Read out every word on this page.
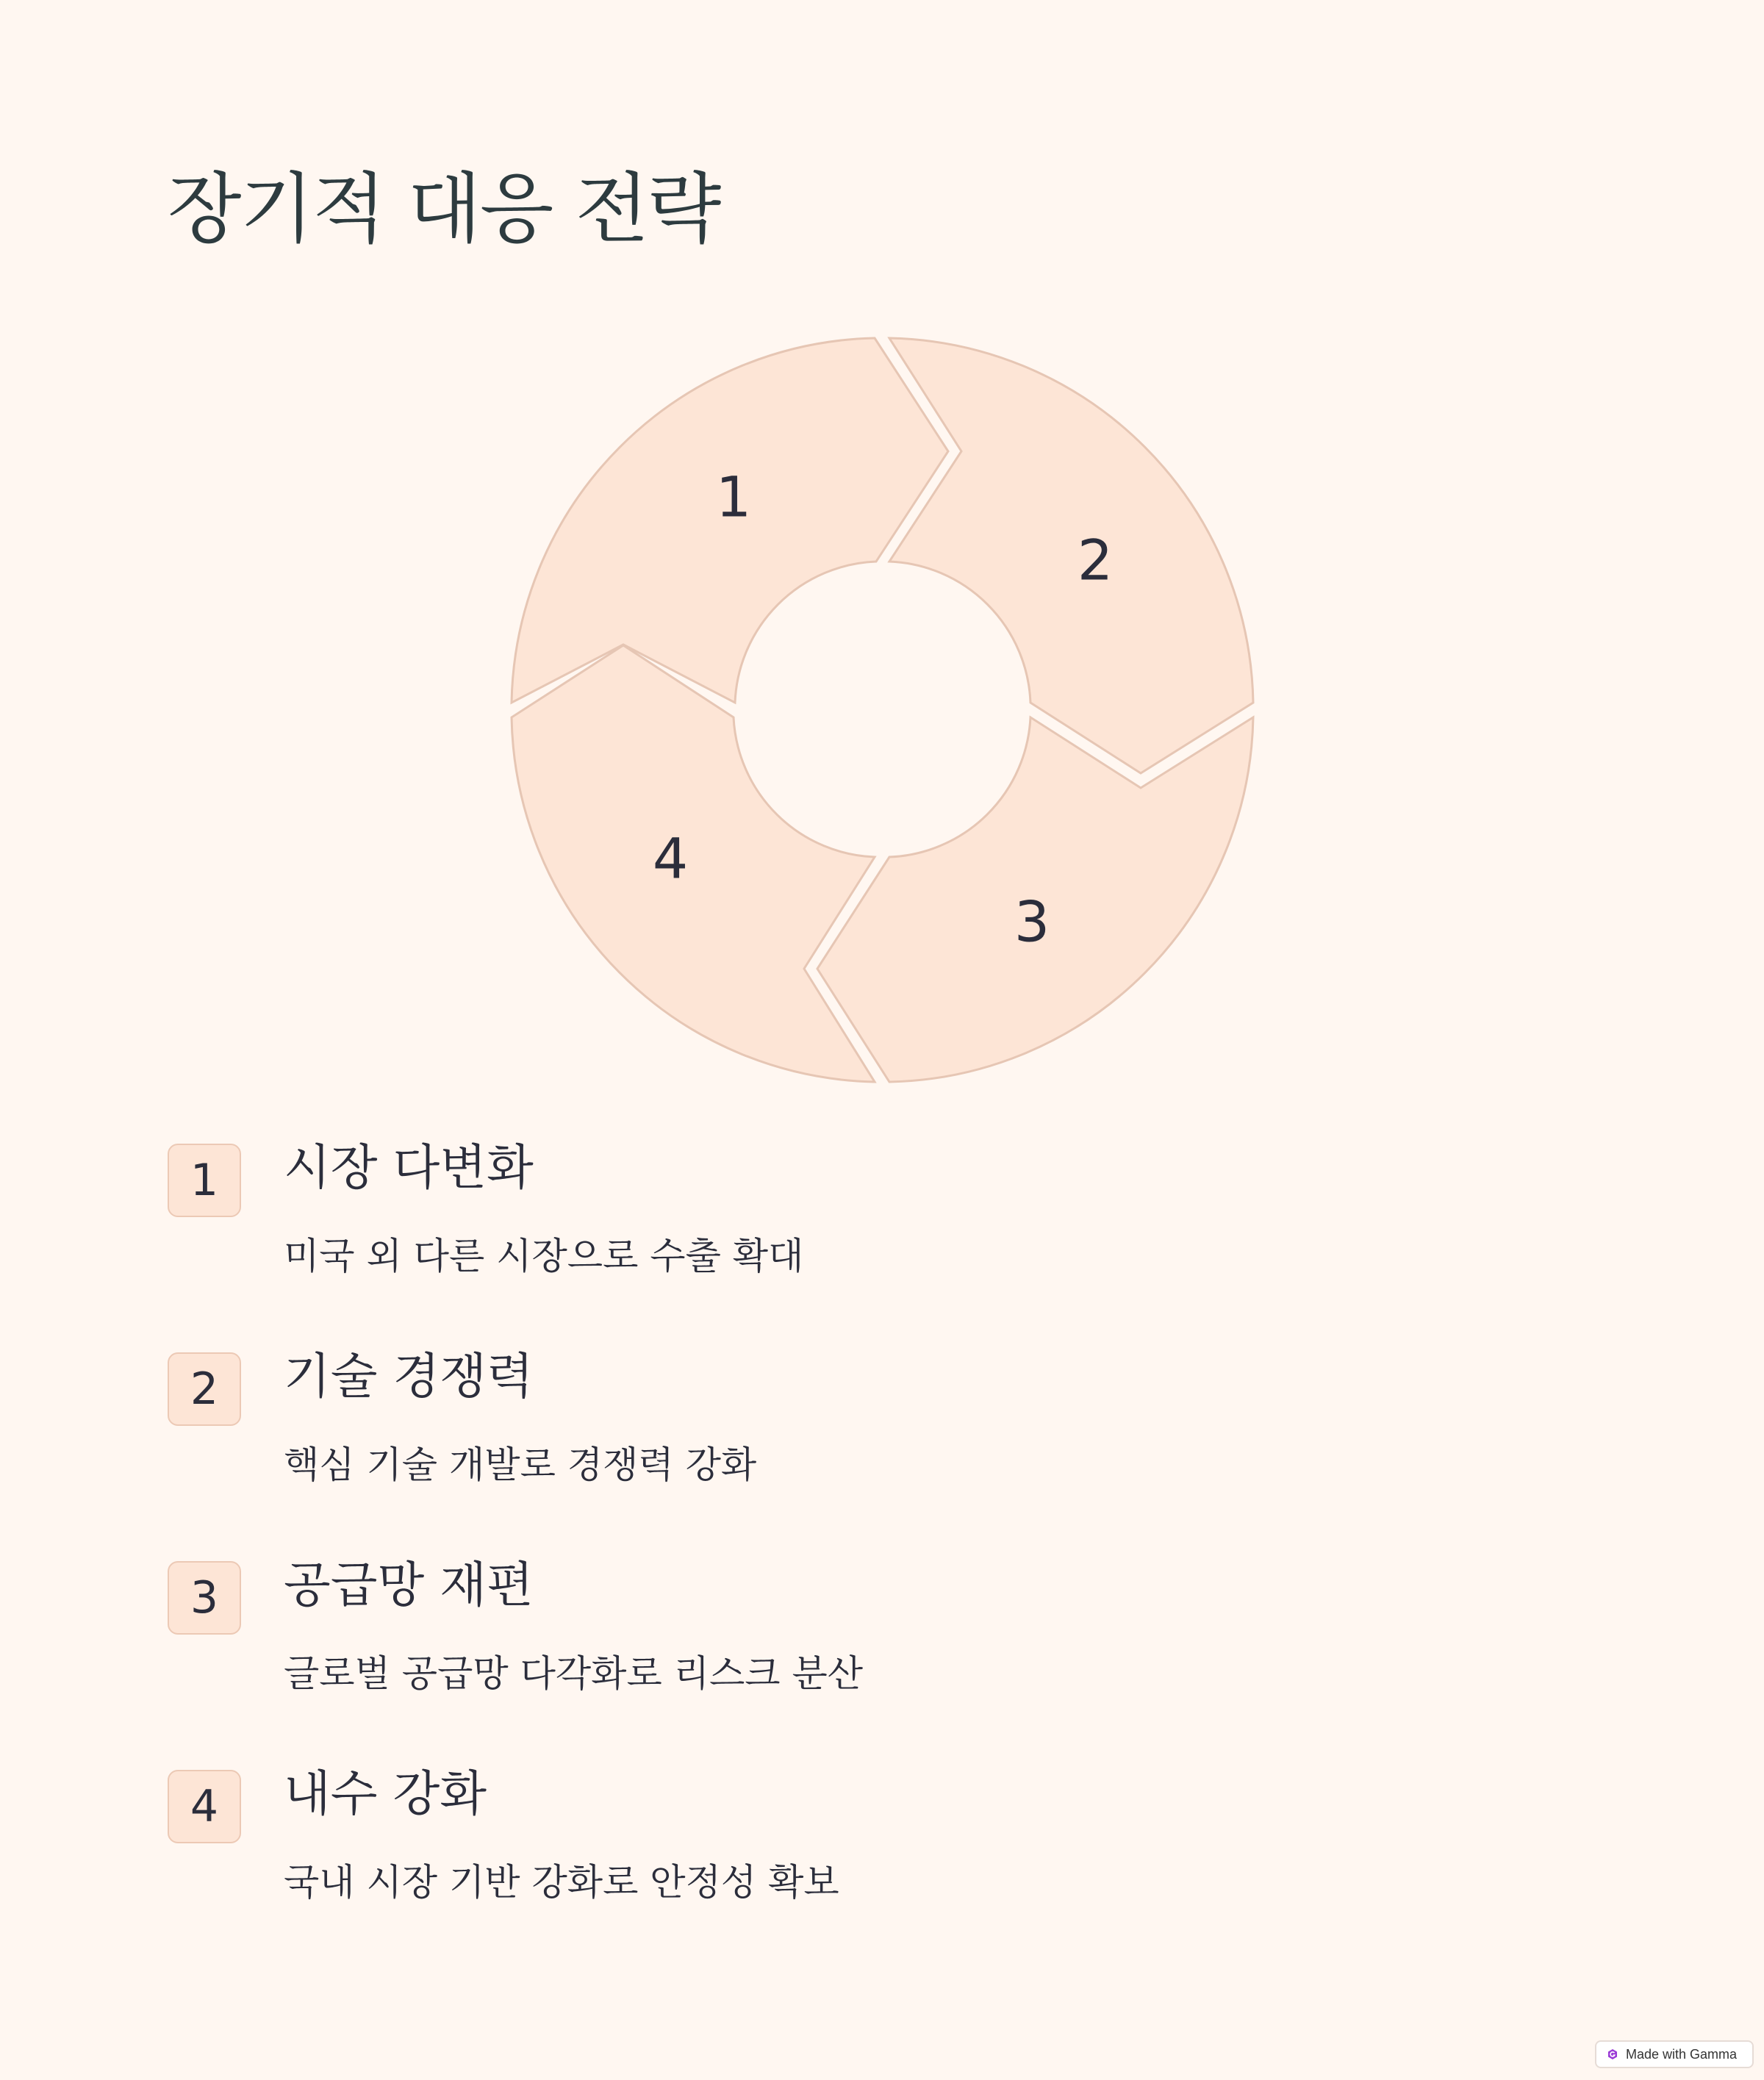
장기적 대응 전략
1
2
3
4
1	시장 다변화
미국 외 다른 시장으로 수출 확대
2	기술 경쟁력
핵심 기술 개발로 경쟁력 강화
3	공급망 재편
글로벌 공급망 다각화로 리스크 분산
4	내수 강화
국내 시장 기반 강화로 안정성 확보
Made with Gamma
